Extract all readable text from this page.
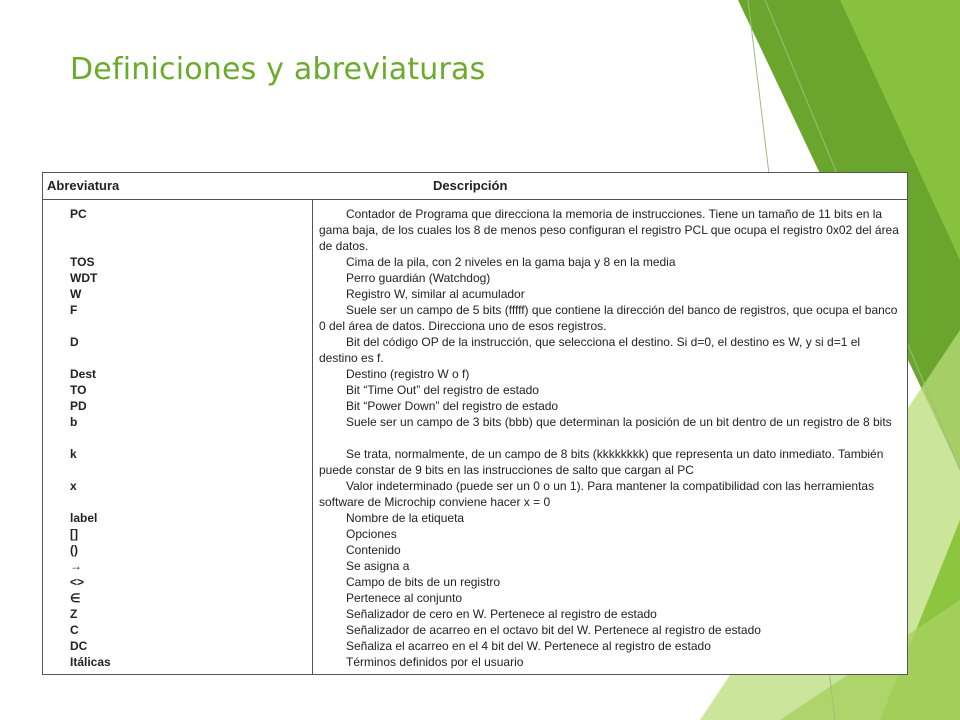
Definiciones y abreviaturas
Abreviatura	Descripción
PC
TOS
WDT
W
F
D
Dest
TO
PD
b
k
x
label
[]
()
→
<>
∈
Z
C
DC
Itálicas
Contador de Programa que direcciona la memoria de instrucciones. Tiene un tamaño de 11 bits en la gama baja, de los cuales los 8 de menos peso configuran el registro PCL que ocupa el registro 0x02 del área de datos.
Cima de la pila, con 2 niveles en la gama baja y 8 en la media
Perro guardián (Watchdog)
Registro W, similar al acumulador
Suele ser un campo de 5 bits (fffff) que contiene la dirección del banco de registros, que ocupa el banco 0 del área de datos. Direcciona uno de esos registros.
Bit del código OP de la instrucción, que selecciona el destino. Si d=0, el destino es W, y si d=1 el destino es f.
Destino (registro W o f)
Bit “Time Out” del registro de estado
Bit “Power Down” del registro de estado
Suele ser un campo de 3 bits (bbb) que determinan la posición de un bit dentro de un registro de 8 bits
Se trata, normalmente, de un campo de 8 bits (kkkkkkkk) que representa un dato inmediato. También puede constar de 9 bits en las instrucciones de salto que cargan al PC
Valor indeterminado (puede ser un 0 o un 1). Para mantener la compatibilidad con las herramientas software de Microchip conviene hacer x = 0
Nombre de la etiqueta
Opciones
Contenido
Se asigna a
Campo de bits de un registro
Pertenece al conjunto
Señalizador de cero en W. Pertenece al registro de estado
Señalizador de acarreo en el octavo bit del W. Pertenece al registro de estado
Señaliza el acarreo en el 4 bit del W. Pertenece al registro de estado
Términos definidos por el usuario
